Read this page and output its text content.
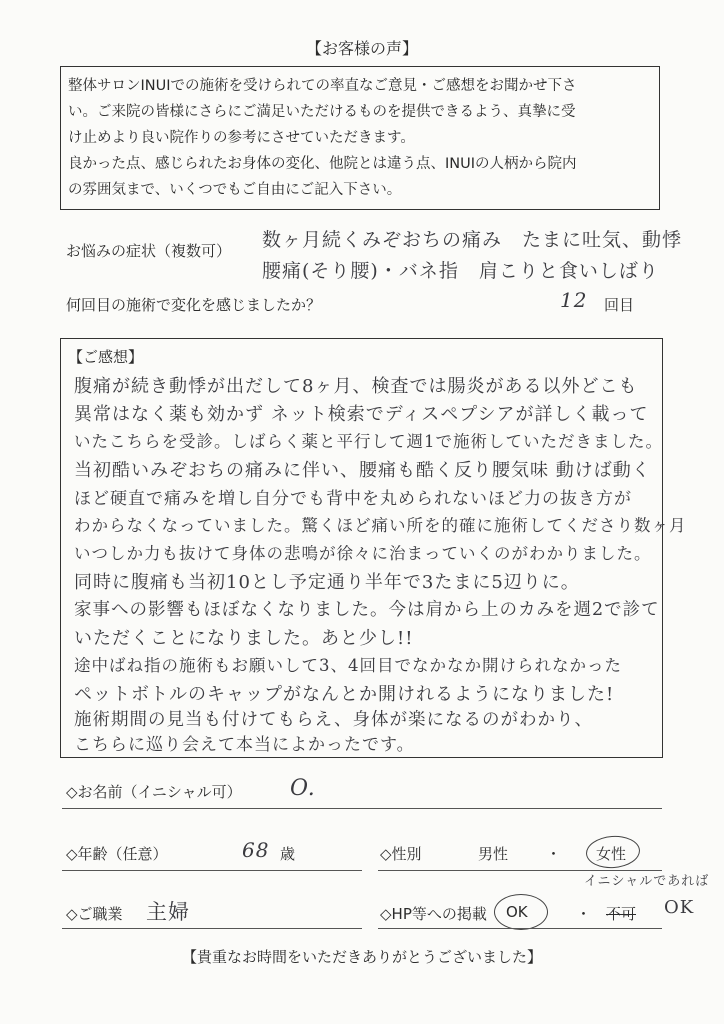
【お客様の声】
整体サロンINUIでの施術を受けられての率直なご意見・ご感想をお聞かせ下さ
い。ご来院の皆様にさらにご満足いただけるものを提供できるよう、真摯に受
け止めより良い院作りの参考にさせていただきます。
良かった点、感じられたお身体の変化、他院とは違う点、INUIの人柄から院内
の雰囲気まで、いくつでもご自由にご記入下さい。
お悩みの症状（複数可） 数ヶ月続くみぞおちの痛み　たまに吐気、動悸
腰痛(そり腰)・バネ指　肩こりと食いしばり
何回目の施術で変化を感じましたか？	12 回目
【ご感想】
腹痛が続き動悸が出だして8ヶ月、検査では腸炎がある以外どこも
異常はなく薬も効かず ネット検索でディスペプシアが詳しく載って
いたこちらを受診。しばらく薬と平行して週1で施術していただきました。
当初酷いみぞおちの痛みに伴い、腰痛も酷く反り腰気味 動けば動く
ほど硬直で痛みを増し自分でも背中を丸められないほど力の抜き方が
わからなくなっていました。驚くほど痛い所を的確に施術してくださり数ヶ月
いつしか力も抜けて身体の悲鳴が徐々に治まっていくのがわかりました。
同時に腹痛も当初10とし予定通り半年で3たまに5辺りに。
家事への影響もほぼなくなりました。今は肩から上のカみを週2で診て
いただくことになりました。あと少し!!
途中ばね指の施術もお願いして3、4回目でなかなか開けられなかった
ペットボトルのキャップがなんとか開けれるようになりました!
施術期間の見当も付けてもらえ、身体が楽になるのがわかり、
こちらに巡り会えて本当によかったです。
◇お名前（イニシャル可） O.
◇年齢（任意）	68 歳	◇性別	男性	・ 女性
◇ご職業 主婦	◇HP等への掲載 OK	・ 不可
イニシャルであれば
OK
【貴重なお時間をいただきありがとうございました】
